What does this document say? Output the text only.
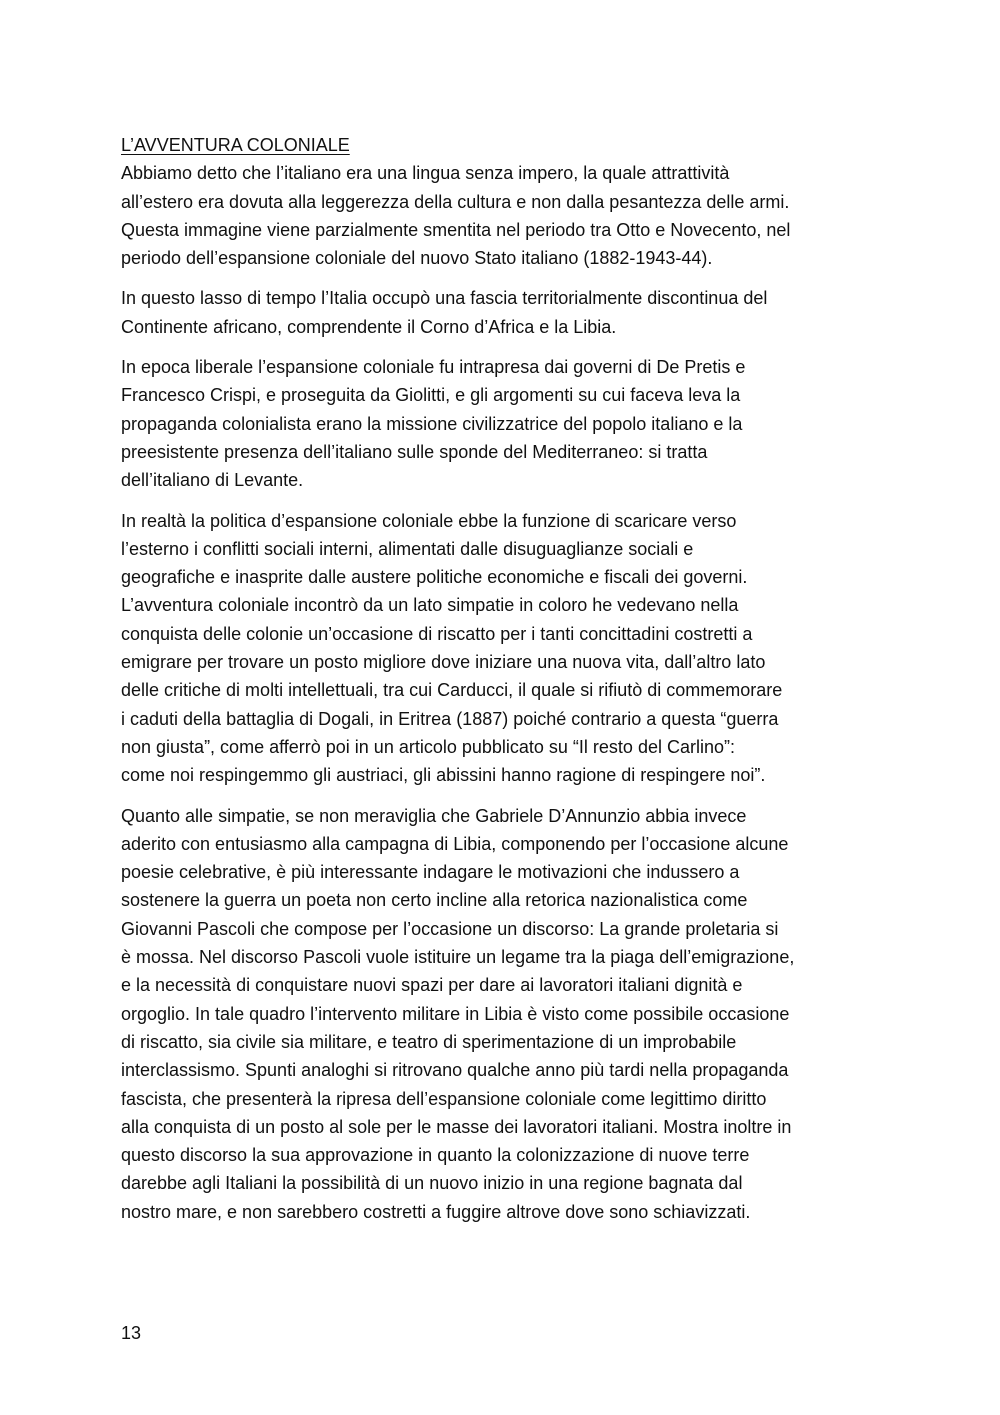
L’AVVENTURA COLONIALE

Abbiamo detto che l’italiano era una lingua senza impero, la quale attrattività
all’estero era dovuta alla leggerezza della cultura e non dalla pesantezza delle armi.
Questa immagine viene parzialmente smentita nel periodo tra Otto e Novecento, nel
periodo dell’espansione coloniale del nuovo Stato italiano (1882-1943-44).

In questo lasso di tempo l’Italia occupò una fascia territorialmente discontinua del
Continente africano, comprendente il Corno d’Africa e la Libia.

In epoca liberale l’espansione coloniale fu intrapresa dai governi di De Pretis e
Francesco Crispi, e proseguita da Giolitti, e gli argomenti su cui faceva leva la
propaganda colonialista erano la missione civilizzatrice del popolo italiano e la
preesistente presenza dell’italiano sulle sponde del Mediterraneo: si tratta
dell’italiano di Levante.

In realtà la politica d’espansione coloniale ebbe la funzione di scaricare verso
l’esterno i conflitti sociali interni, alimentati dalle disuguaglianze sociali e
geografiche e inasprite dalle austere politiche economiche e fiscali dei governi.
L’avventura coloniale incontrò da un lato simpatie in coloro he vedevano nella
conquista delle colonie un’occasione di riscatto per i tanti concittadini costretti a
emigrare per trovare un posto migliore dove iniziare una nuova vita, dall’altro lato
delle critiche di molti intellettuali, tra cui Carducci, il quale si rifiutò di commemorare
i caduti della battaglia di Dogali, in Eritrea (1887) poiché contrario a questa “guerra
non giusta”, come afferrò poi in un articolo pubblicato su “Il resto del Carlino”:
come noi respingemmo gli austriaci, gli abissini hanno ragione di respingere noi”.

Quanto alle simpatie, se non meraviglia che Gabriele D’Annunzio abbia invece
aderito con entusiasmo alla campagna di Libia, componendo per l’occasione alcune
poesie celebrative, è più interessante indagare le motivazioni che indussero a
sostenere la guerra un poeta non certo incline alla retorica nazionalistica come
Giovanni Pascoli che compose per l’occasione un discorso: La grande proletaria si
è mossa. Nel discorso Pascoli vuole istituire un legame tra la piaga dell’emigrazione,
e la necessità di conquistare nuovi spazi per dare ai lavoratori italiani dignità e
orgoglio. In tale quadro l’intervento militare in Libia è visto come possibile occasione
di riscatto, sia civile sia militare, e teatro di sperimentazione di un improbabile
interclassismo. Spunti analoghi si ritrovano qualche anno più tardi nella propaganda
fascista, che presenterà la ripresa dell’espansione coloniale come legittimo diritto
alla conquista di un posto al sole per le masse dei lavoratori italiani. Mostra inoltre in
questo discorso la sua approvazione in quanto la colonizzazione di nuove terre
darebbe agli Italiani la possibilità di un nuovo inizio in una regione bagnata dal
nostro mare, e non sarebbero costretti a fuggire altrove dove sono schiavizzati.

13
